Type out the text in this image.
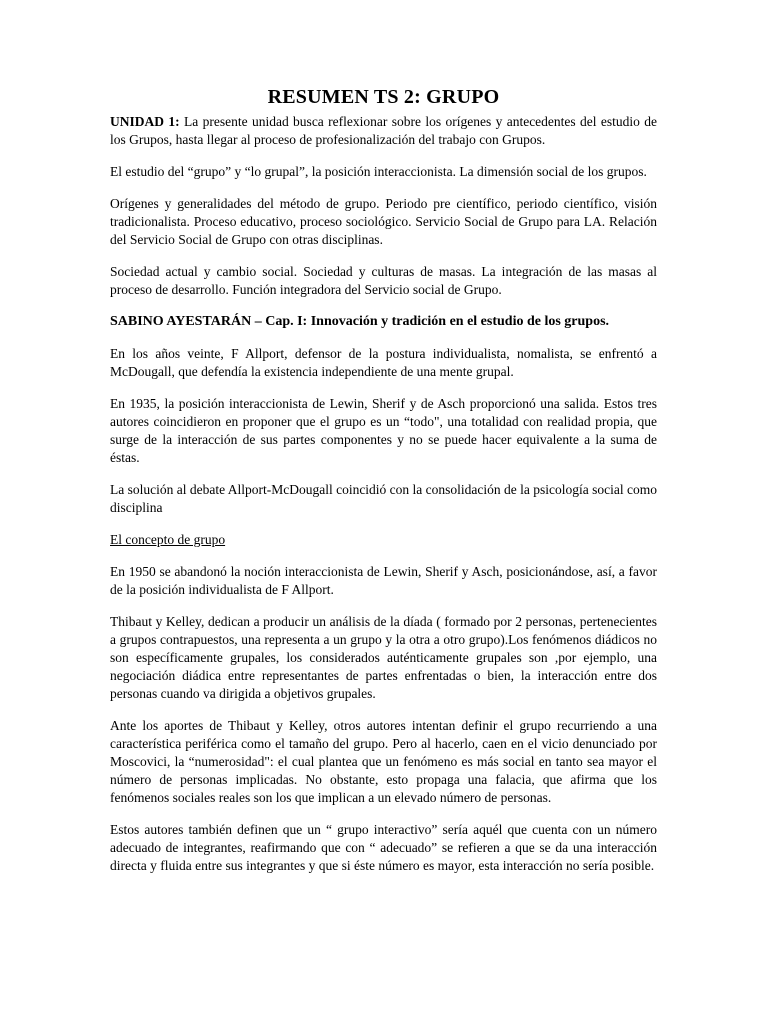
RESUMEN TS 2: GRUPO

UNIDAD 1: La presente unidad busca reflexionar sobre los orígenes y antecedentes del estudio de los Grupos, hasta llegar al proceso de profesionalización del trabajo con Grupos.

El estudio del “grupo” y “lo grupal”, la posición interaccionista. La dimensión social de los grupos.

Orígenes y generalidades del método de grupo. Periodo pre científico, periodo científico, visión tradicionalista. Proceso educativo, proceso sociológico. Servicio Social de Grupo para LA. Relación del Servicio Social de Grupo con otras disciplinas.

Sociedad actual y cambio social. Sociedad y culturas de masas. La integración de las masas al proceso de desarrollo. Función integradora del Servicio social de Grupo.

SABINO AYESTARÁN – Cap. I: Innovación y tradición en el estudio de los grupos.

En los años veinte, F Allport, defensor de la postura individualista, nomalista, se enfrentó a McDougall, que defendía la existencia independiente de una mente grupal.

En 1935, la posición interaccionista de Lewin, Sherif y de Asch proporcionó una salida. Estos tres autores coincidieron en proponer que el grupo es un “todo", una totalidad con realidad propia, que surge de la interacción de sus partes componentes y no se puede hacer equivalente a la suma de éstas.

La solución al debate Allport-McDougall coincidió con la consolidación de la psicología social como disciplina

El concepto de grupo

En 1950 se abandonó la noción interaccionista de Lewin, Sherif y Asch, posicionándose, así, a favor de la posición individualista de F Allport.

Thibaut y Kelley, dedican a producir un análisis de la díada ( formado por 2 personas, pertenecientes a grupos contrapuestos, una representa a un grupo y la otra a otro grupo).Los fenómenos diádicos no son específicamente grupales, los considerados auténticamente grupales son ,por ejemplo, una negociación diádica entre representantes de partes enfrentadas o bien, la interacción entre dos personas cuando va dirigida a objetivos grupales.

Ante los aportes de Thibaut y Kelley, otros autores intentan definir el grupo recurriendo a una característica periférica como el tamaño del grupo. Pero al hacerlo, caen en el vicio denunciado por Moscovici, la “numerosidad": el cual plantea que un fenómeno es más social en tanto sea mayor el número de personas implicadas. No obstante, esto propaga una falacia, que afirma que los fenómenos sociales reales son los que implican a un elevado número de personas.

Estos autores también definen que un “ grupo interactivo” sería aquél que cuenta con un número adecuado de integrantes, reafirmando que con “ adecuado” se refieren a que se da una interacción directa y fluida entre sus integrantes y que si éste número es mayor, esta interacción no sería posible.
